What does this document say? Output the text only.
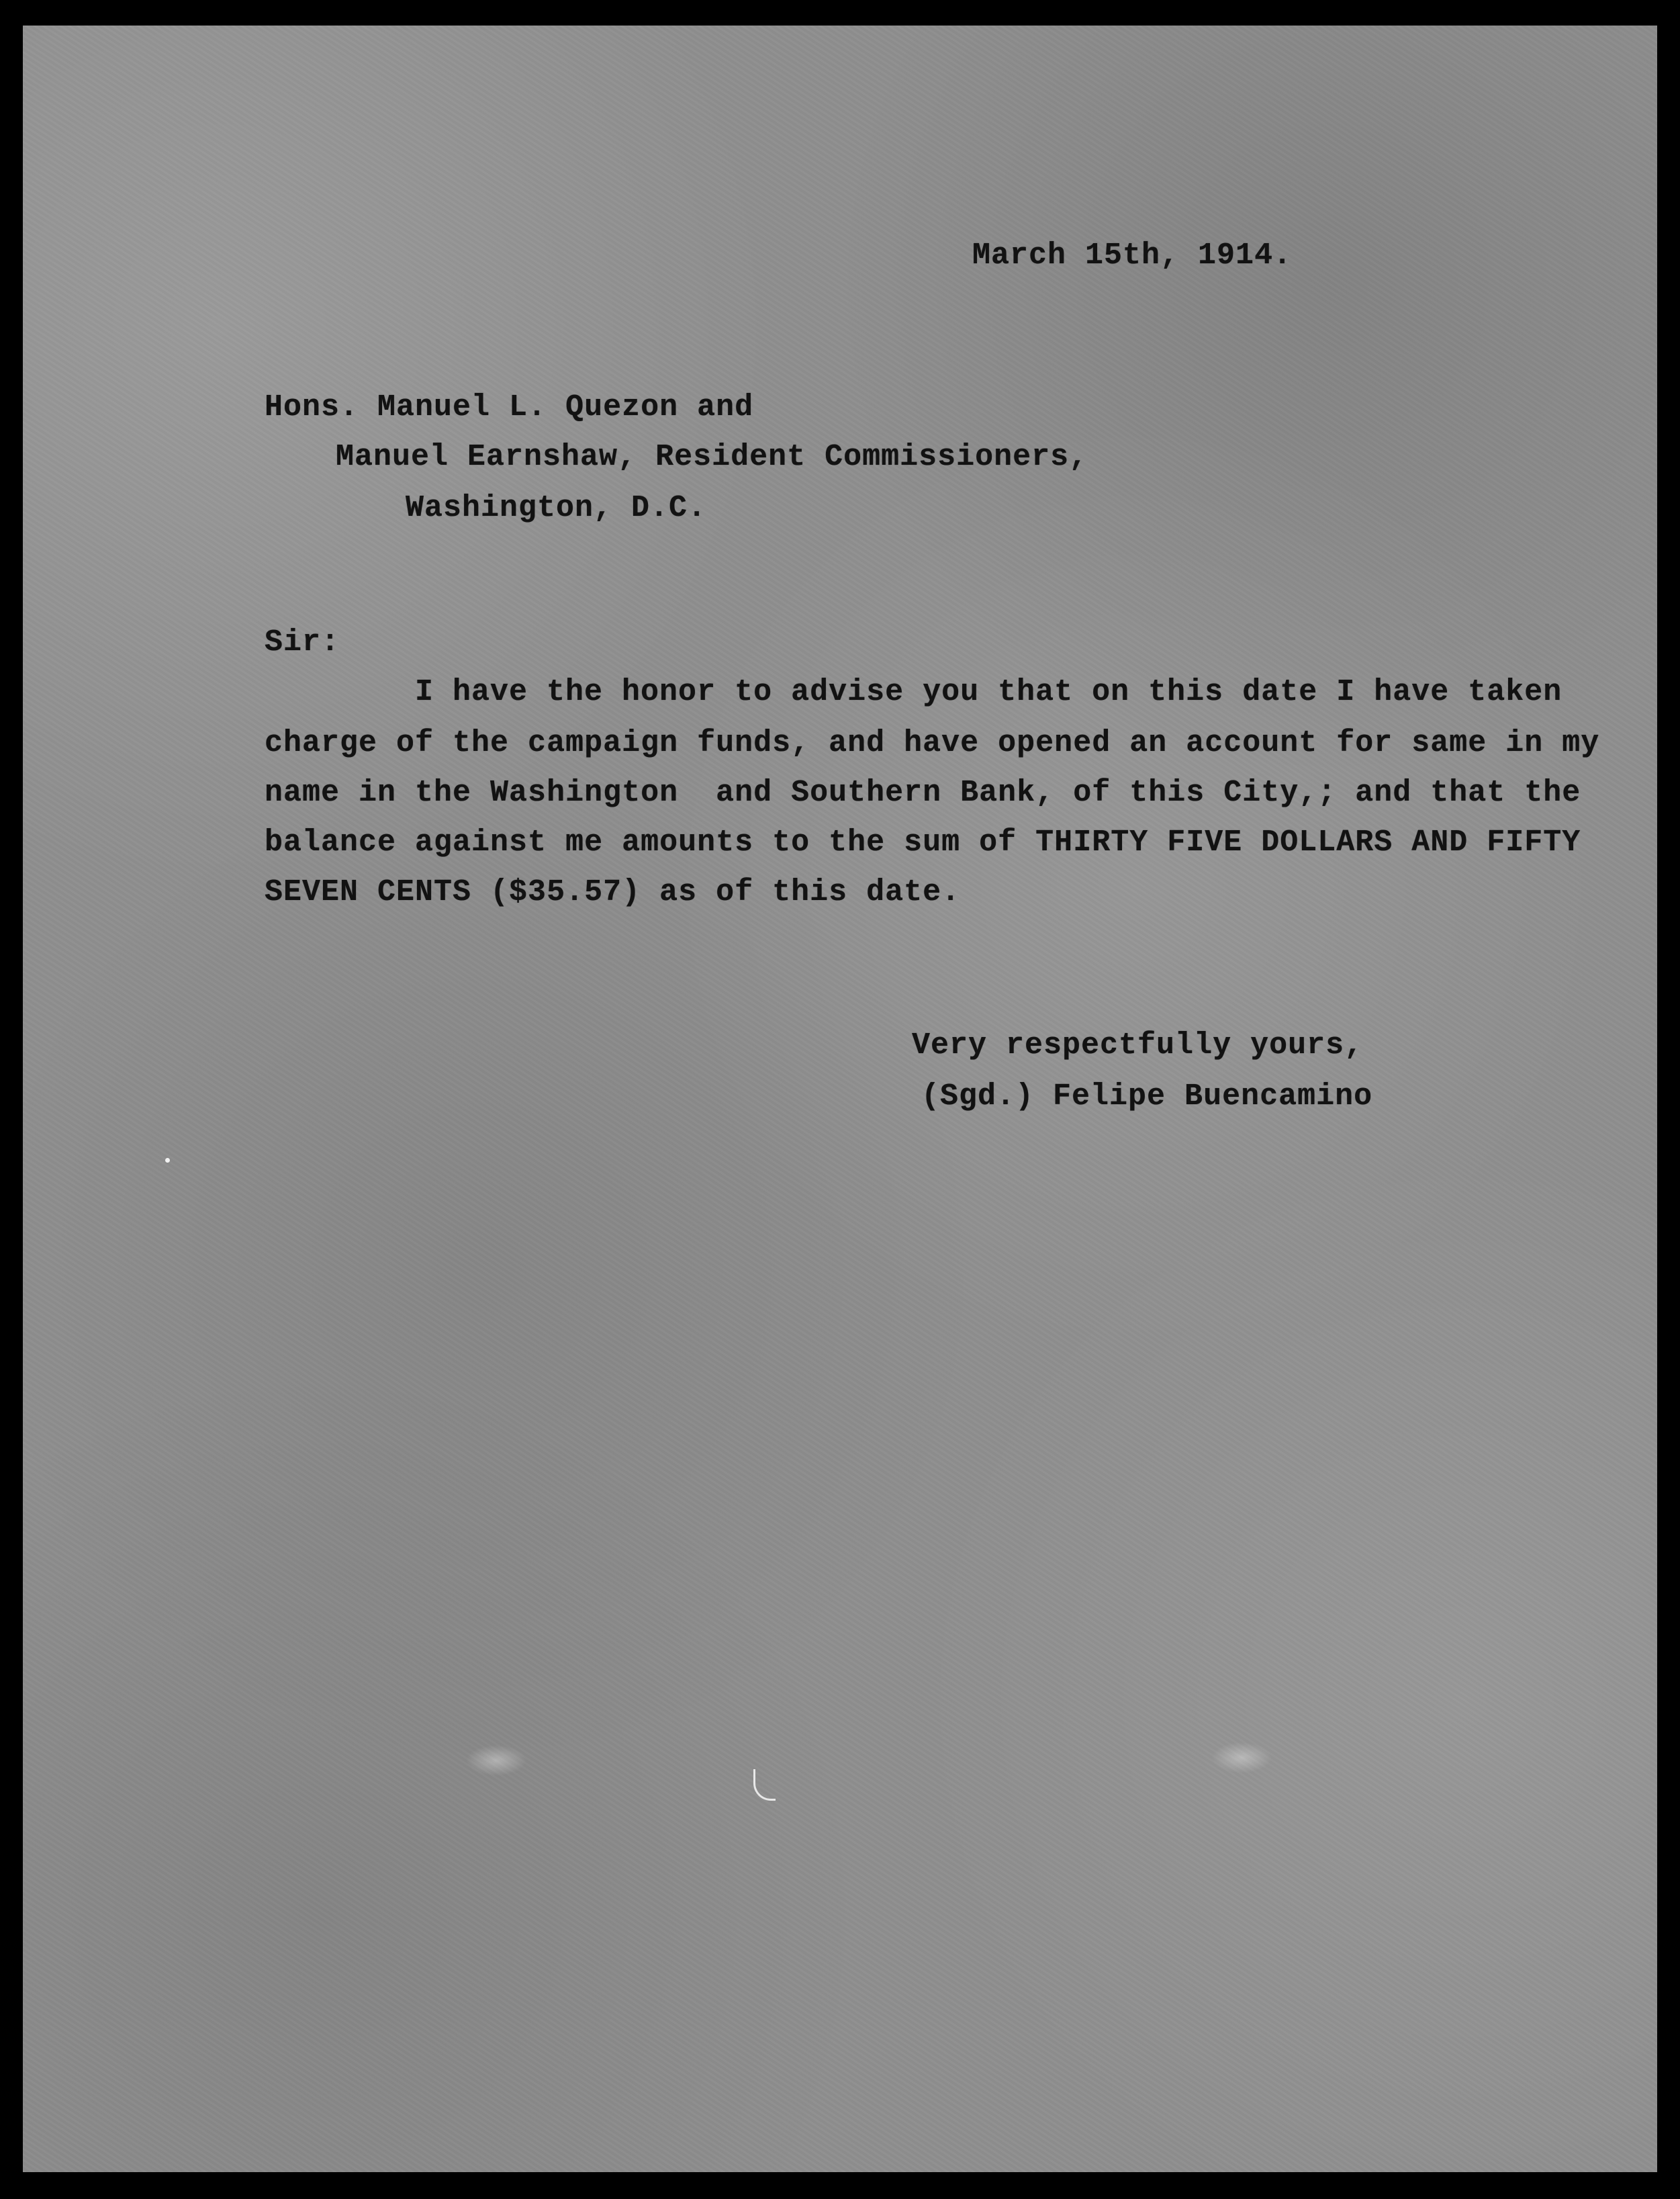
March 15th, 1914.
Hons. Manuel L. Quezon and
Manuel Earnshaw, Resident Commissioners,
Washington, D.C.
Sir:
I have the honor to advise you that on this date I have taken
charge of the campaign funds, and have opened an account for same in my
name in the Washington  and Southern Bank, of this City,; and that the
balance against me amounts to the sum of THIRTY FIVE DOLLARS AND FIFTY
SEVEN CENTS ($35.57) as of this date.
Very respectfully yours,
(Sgd.) Felipe Buencamino
